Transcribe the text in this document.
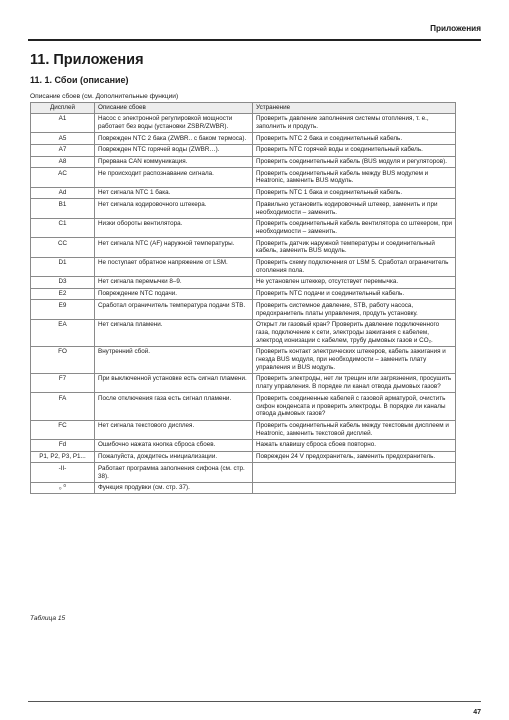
Приложения
11. Приложения
11. 1. Сбои (описание)
Описание сбоев (см. Дополнительные функции)
Дисплей	Описание сбоев	Устранение
A1	Насос с электронной регулировкой мощности работает без воды (установки ZSBR/ZWBR).	Проверить давление заполнения системы отопления, т. е., заполнить и продуть.
A5	Поврежден NTC 2 бака (ZWBR.. с баком термоса).	Проверить NTC 2 бака и соединительный кабель.
A7	Поврежден NTC горячей воды (ZWBR…).	Проверить NTC горячей воды и соединительный кабель.
A8	Прервана CAN коммуникация.	Проверить соединительный кабель (BUS модуля и регуляторов).
AC	Не происходит распознавание сигнала.	Проверить соединительный кабель между BUS модулем и Heatronic, заменить BUS модуль.
Ad	Нет сигнала NTC 1 бака.	Проверить NTC 1 бака и соединительный кабель.
B1	Нет сигнала кодировочного штекера.	Правильно установить кодировочный штекер, заменить и при необходимости – заменить.
C1	Низки обороты вентилятора.	Проверить соединительный кабель вентилятора со штекером, при необходимости – заменить.
CC	Нет сигнала NTC (AF) наружной температуры.	Проверить датчик наружной температуры и соединительный кабель, заменить BUS модуль.
D1	Не поступает обратное напряжение от LSM.	Проверить схему подключения от LSM 5. Сработал ограничитель отопления пола.
D3	Нет сигнала перемычки 8–9.	Не установлен штеккер, отсутствует перемычка.
E2	Повреждение NTC подачи.	Проверить NTC подачи и соединительный кабель.
E9	Сработал ограничитель температура подачи STB.	Проверить системное давление, STB, работу насоса, предохранитель платы управления, продуть установку.
EA	Нет сигнала пламени.	Открыт ли газовый кран? Проверить давление подключенного газа, подключение к сети, электроды зажигания с кабелем, электрод ионизации с кабелем, трубу дымовых газов и CO₂.
FO	Внутренний сбой.	Проверить контакт электрических штекеров, кабель зажигания и гнезда BUS модуля, при необходимости – заменить плату управления и BUS модуль.
F7	При выключенной установке есть сигнал пламени.	Проверить электроды, нет ли трещин или загрязнения, просушить плату управления. В порядке ли канал отвода дымовых газов?
FA	После отключения газа есть сигнал пламени.	Проверить соединенные кабелей с газовой арматурой, очистить сифон конденсата и проверить электроды. В порядке ли каналы отвода дымовых газов?
FC	Нет сигнала текстового дисплея.	Проверить соединительный кабель между текстовым дисплеем и Heatronic, заменить текстовой дисплей.
Fd	Ошибочно нажата кнопка сброса сбоев.	Нажать клавишу сброса сбоев повторно.
P1, P2, P3, P1...	Пожалуйста, дождитесь инициализации.	Поврежден 24 V предохранитель, заменить предохранитель.
-II-	Работает программа заполнения сифона (см. стр. 38).	
₀ ⁰	Функция продувки (см. стр. 37).	
Таблица 15
47
